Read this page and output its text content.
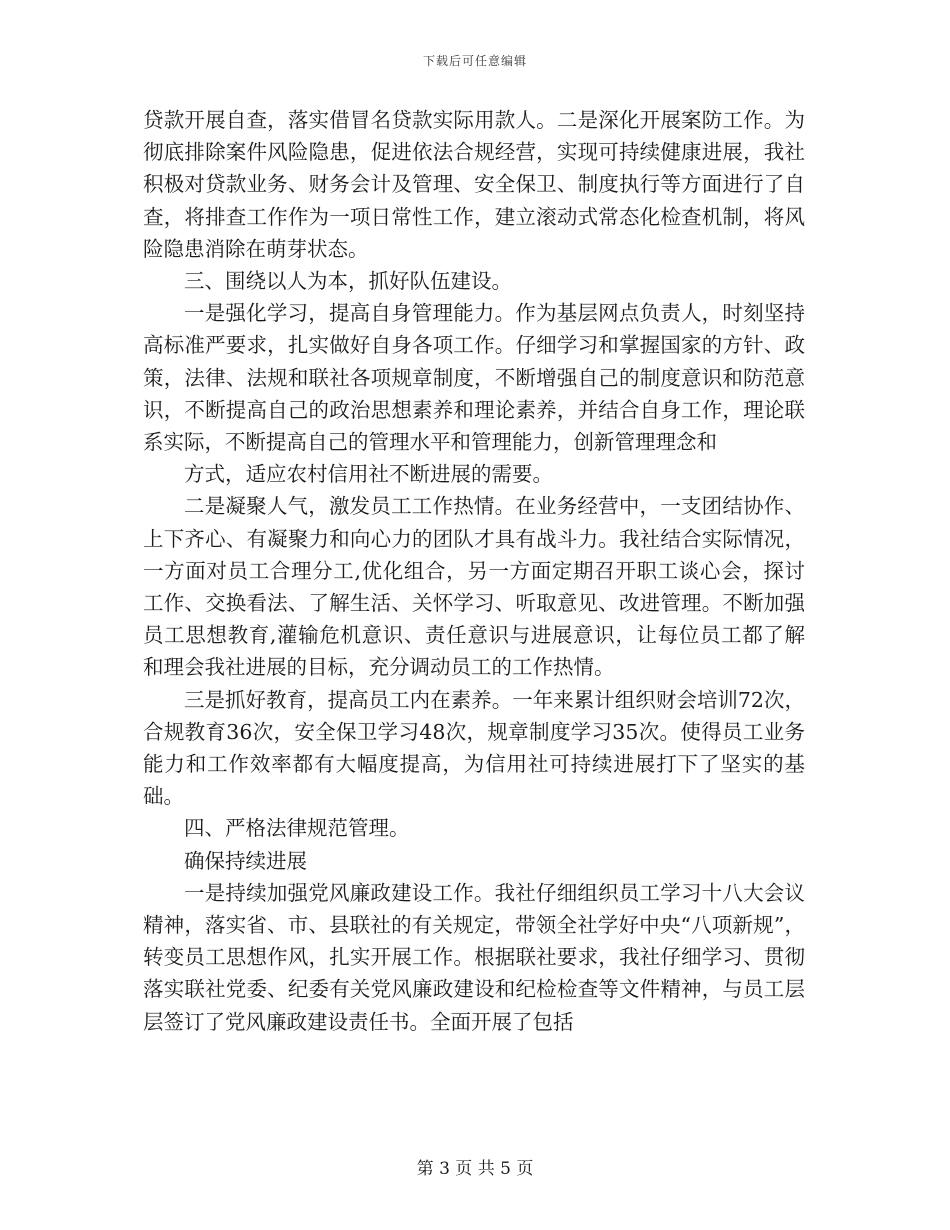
下载后可任意编辑

贷款开展自查，落实借冒名贷款实际用款人。二是深化开展案防工作。为彻底排除案件风险隐患，促进依法合规经营，实现可持续健康进展，我社积极对贷款业务、财务会计及管理、安全保卫、制度执行等方面进行了自查，将排查工作作为一项日常性工作，建立滚动式常态化检查机制，将风险隐患消除在萌芽状态。

三、围绕以人为本，抓好队伍建设。

一是强化学习，提高自身管理能力。作为基层网点负责人，时刻坚持高标准严要求，扎实做好自身各项工作。仔细学习和掌握国家的方针、政策，法律、法规和联社各项规章制度，不断增强自己的制度意识和防范意识，不断提高自己的政治思想素养和理论素养，并结合自身工作，理论联系实际，不断提高自己的管理水平和管理能力，创新管理理念和

方式，适应农村信用社不断进展的需要。

二是凝聚人气，激发员工工作热情。在业务经营中，一支团结协作、上下齐心、有凝聚力和向心力的团队才具有战斗力。我社结合实际情况，一方面对员工合理分工,优化组合，另一方面定期召开职工谈心会，探讨工作、交换看法、了解生活、关怀学习、听取意见、改进管理。不断加强员工思想教育,灌输危机意识、责任意识与进展意识，让每位员工都了解和理会我社进展的目标，充分调动员工的工作热情。

三是抓好教育，提高员工内在素养。一年来累计组织财会培训72次，合规教育36次，安全保卫学习48次，规章制度学习35次。使得员工业务能力和工作效率都有大幅度提高，为信用社可持续进展打下了坚实的基础。

四、严格法律规范管理。

确保持续进展

一是持续加强党风廉政建设工作。我社仔细组织员工学习十八大会议精神，落实省、市、县联社的有关规定，带领全社学好中央“八项新规”，转变员工思想作风，扎实开展工作。根据联社要求，我社仔细学习、贯彻落实联社党委、纪委有关党风廉政建设和纪检检查等文件精神，与员工层层签订了党风廉政建设责任书。全面开展了包括

第 3 页 共 5 页
